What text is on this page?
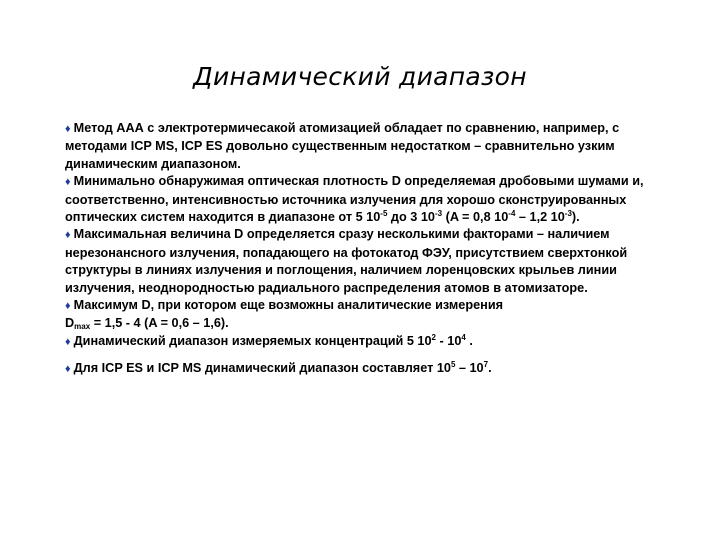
Динамический диапазон

♦ Метод ААА с электротермичесакой атомизацией обладает по сравнению, например, с методами ICP MS, ICP ES довольно существенным недостатком – сравнительно узким динамическим диапазоном.

♦ Минимально обнаружимая оптическая плотность D определяемая дробовыми шумами и, соответственно, интенсивностью источника излучения для хорошо сконструированных оптических систем находится в диапазоне от 5 $10^{-5}$ до 3 $10^{-3}$ (A = 0,8 $10^{-4} - 1,2$ $10^{-3}$).

♦ Максимальная величина D определяется сразу несколькими факторами – наличием нерезонансного излучения, попадающего на фотокатод ФЭУ, присутствием сверхтонкой структуры в линиях излучения и поглощения, наличием лоренцовских крыльев линии излучения, неоднородностью радиального распределения атомов в атомизаторе.

♦ Максимум D, при котором еще возможны аналитические измерения
$D_{max} = 1,5 - 4$ (A = 0,6 – 1,6).

♦ Динамический диапазон измеряемых концентраций 5 $10^2 - 10^4$ .

♦ Для ICP ES и ICP MS динамический диапазон составляет $10^5 - 10^7$.
